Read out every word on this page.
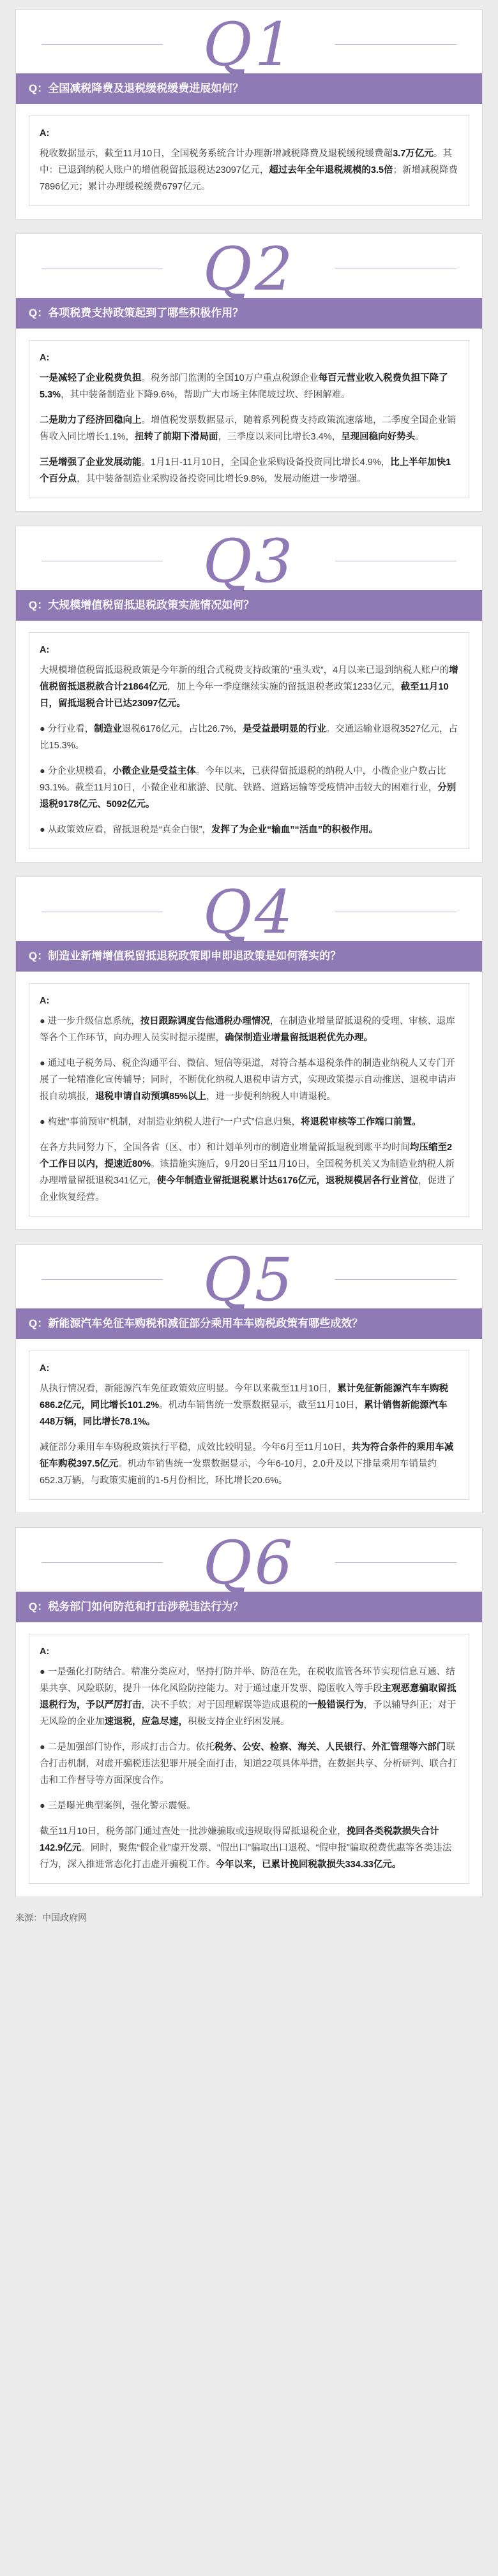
Q1
Q：全国减税降费及退税缓税缓费进展如何？
A:

税收数据显示，截至11月10日，全国税务系统合计办理新增减税降费及退税缓税缓费超3.7万亿元。其中：已退到纳税人账户的增值税留抵退税达23097亿元，超过去年全年退税规模的3.5倍；新增减税降费7896亿元；累计办理缓税缓费6797亿元。

Q2
Q：各项税费支持政策起到了哪些积极作用？
A:

一是减轻了企业税费负担。税务部门监测的全国10万户重点税源企业每百元营业收入税费负担下降了5.3%，其中装备制造业下降9.6%，帮助广大市场主体爬坡过坎、纾困解难。

二是助力了经济回稳向上。增值税发票数据显示，随着系列税费支持政策流速落地，二季度全国企业销售收入同比增长1.1%，扭转了前期下滑局面，三季度以来同比增长3.4%，呈现回稳向好势头。

三是增强了企业发展动能。1月1日-11月10日，全国企业采购设备投资同比增长4.9%，比上半年加快1个百分点，其中装备制造业采购设备投资同比增长9.8%，发展动能进一步增强。

Q3
Q：大规模增值税留抵退税政策实施情况如何？
A:

大规模增值税留抵退税政策是今年新的组合式税费支持政策的“重头戏”，4月以来已退到纳税人账户的增值税留抵退税款合计21864亿元，加上今年一季度继续实施的留抵退税老政策1233亿元，截至11月10日，留抵退税合计已达23097亿元。

● 分行业看，制造业退税6176亿元，占比26.7%，是受益最明显的行业。交通运输业退税3527亿元，占比15.3%。

● 分企业规模看，小微企业是受益主体。今年以来，已获得留抵退税的纳税人中，小微企业户数占比93.1%。截至11月10日，小微企业和旅游、民航、铁路、道路运输等受疫情冲击较大的困难行业，分别退税9178亿元、5092亿元。

● 从政策效应看，留抵退税是“真金白银”，发挥了为企业“输血”“活血”的积极作用。

Q4
Q：制造业新增增值税留抵退税政策即申即退政策是如何落实的？
A:

● 进一步升级信息系统，按日跟踪调度告他通税办理情况，在制造业增量留抵退税的受理、审核、退库等各个工作环节，向办理人员实时提示提醒，确保制造业增量留抵退税优先办理。

● 通过电子税务局、税企沟通平台、微信、短信等渠道，对符合基本退税条件的制造业纳税人又专门开展了一轮精准化宣传辅导；同时，不断优化纳税人退税申请方式，实现政策提示自动推送、退税申请声报自动填报，退税申请自动预填85%以上，进一步便利纳税人申请退税。

● 构建“事前预审”机制，对制造业纳税人进行“一户式”信息归集，将退税审核等工作端口前置。

在各方共同努力下，全国各省（区、市）和计划单列市的制造业增量留抵退税到账平均时间均压缩至2个工作日以内，提速近80%。该措施实施后，9月20日至11月10日，全国税务机关又为制造业纳税人新办理增量留抵退税341亿元，使今年制造业留抵退税累计达6176亿元，退税规模居各行业首位，促进了企业恢复经营。

Q5
Q：新能源汽车免征车购税和减征部分乘用车车购税政策有哪些成效？
A:

从执行情况看，新能源汽车免征政策效应明显。今年以来截至11月10日，累计免征新能源汽车车购税686.2亿元，同比增长101.2%。机动车销售统一发票数据显示，截至11月10日，累计销售新能源汽车448万辆，同比增长78.1%。

减征部分乘用车车购税政策执行平稳，成效比较明显。今年6月至11月10日，共为符合条件的乘用车减征车购税397.5亿元。机动车销售统一发票数据显示，今年6-10月，2.0升及以下排量乘用车销量约652.3万辆，与政策实施前的1-5月份相比，环比增长20.6%。

Q6
Q：税务部门如何防范和打击涉税违法行为？
A:

● 一是强化打防结合。精准分类应对，坚持打防并举、防范在先，在税收监管各环节实现信息互通、结果共享、风险联防，提升一体化风险防控能力。对于通过虚开发票、隐匿收入等手段主观恶意骗取留抵退税行为，予以严厉打击，决不手软；对于因理解误等造成退税的一般错误行为，予以辅导纠正；对于无风险的企业加速退税，应急尽速，积极支持企业纾困发展。

● 二是加强部门协作，形成打击合力。依托税务、公安、检察、海关、人民银行、外汇管理等六部门联合打击机制，对虚开骗税违法犯罪开展全面打击，知道22项具体举措，在数据共享、分析研判、联合打击和工作督导等方面深度合作。

● 三是曝光典型案例，强化警示震慑。

截至11月10日，税务部门通过查处一批涉嫌骗取或违规取得留抵退税企业，挽回各类税款损失合计142.9亿元。同时，聚焦“假企业”虚开发票、“假出口”骗取出口退税、“假申报”骗取税费优惠等各类违法行为，深入推进常态化打击虚开骗税工作。今年以来，已累计挽回税款损失334.33亿元。

来源：中国政府网
